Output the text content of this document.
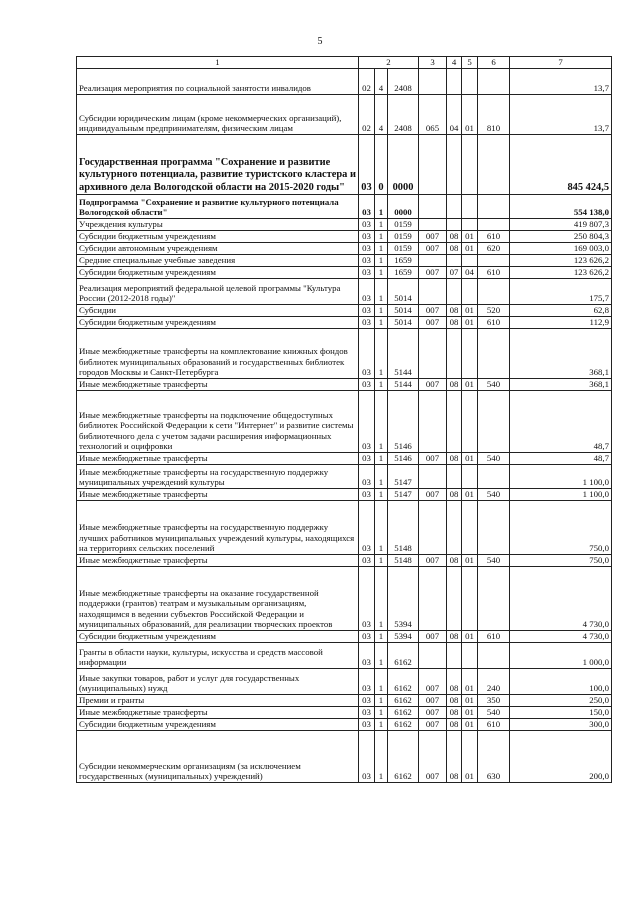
5
1	2			3	4	5	6	7
Реализация мероприятия по социальной занятости инвалидов	02	4	2408					13,7
Субсидии юридическим лицам (кроме некоммерческих организаций), индивидуальным предпринимателям, физическим лицам	02	4	2408	065	04	01	810	13,7
Государственная программа "Сохранение и развитие культурного потенциала, развитие туристского кластера и архивного дела Вологодской области на 2015-2020 годы"	03	0	0000					845 424,5
Подпрограмма "Сохранение и развитие культурного потенциала Вологодской области"	03	1	0000					554 138,0
Учреждения культуры	03	1	0159					419 807,3
Субсидии бюджетным учреждениям	03	1	0159	007	08	01	610	250 804,3
Субсидии автономным учреждениям	03	1	0159	007	08	01	620	169 003,0
Средние специальные учебные заведения	03	1	1659					123 626,2
Субсидии бюджетным учреждениям	03	1	1659	007	07	04	610	123 626,2
Реализация мероприятий федеральной целевой программы "Культура России (2012-2018 годы)"	03	1	5014					175,7
Субсидии	03	1	5014	007	08	01	520	62,8
Субсидии бюджетным учреждениям	03	1	5014	007	08	01	610	112,9
Иные межбюджетные трансферты на комплектование книжных фондов библиотек муниципальных образований и государственных библиотек городов Москвы и Санкт-Петербурга	03	1	5144					368,1
Иные межбюджетные трансферты	03	1	5144	007	08	01	540	368,1
Иные межбюджетные трансферты на подключение общедоступных библиотек Российской Федерации к сети "Интернет" и развитие системы библиотечного дела с учетом задачи расширения информационных технологий и оцифровки	03	1	5146					48,7
Иные межбюджетные трансферты	03	1	5146	007	08	01	540	48,7
Иные межбюджетные трансферты на государственную поддержку муниципальных учреждений культуры	03	1	5147					1 100,0
Иные межбюджетные трансферты	03	1	5147	007	08	01	540	1 100,0
Иные межбюджетные трансферты на государственную поддержку лучших работников муниципальных учреждений культуры, находящихся на территориях сельских поселений	03	1	5148					750,0
Иные межбюджетные трансферты	03	1	5148	007	08	01	540	750,0
Иные межбюджетные трансферты на оказание государственной поддержки (грантов) театрам и музыкальным организациям, находящимся в ведении субъектов Российской Федерации и муниципальных образований, для реализации творческих проектов	03	1	5394					4 730,0
Субсидии бюджетным учреждениям	03	1	5394	007	08	01	610	4 730,0
Гранты в области науки, культуры, искусства и средств массовой информации	03	1	6162					1 000,0
Иные закупки товаров, работ и услуг для государственных (муниципальных) нужд	03	1	6162	007	08	01	240	100,0
Премии и гранты	03	1	6162	007	08	01	350	250,0
Иные межбюджетные трансферты	03	1	6162	007	08	01	540	150,0
Субсидии бюджетным учреждениям	03	1	6162	007	08	01	610	300,0
Субсидии некоммерческим организациям (за исключением государственных (муниципальных) учреждений)	03	1	6162	007	08	01	630	200,0
